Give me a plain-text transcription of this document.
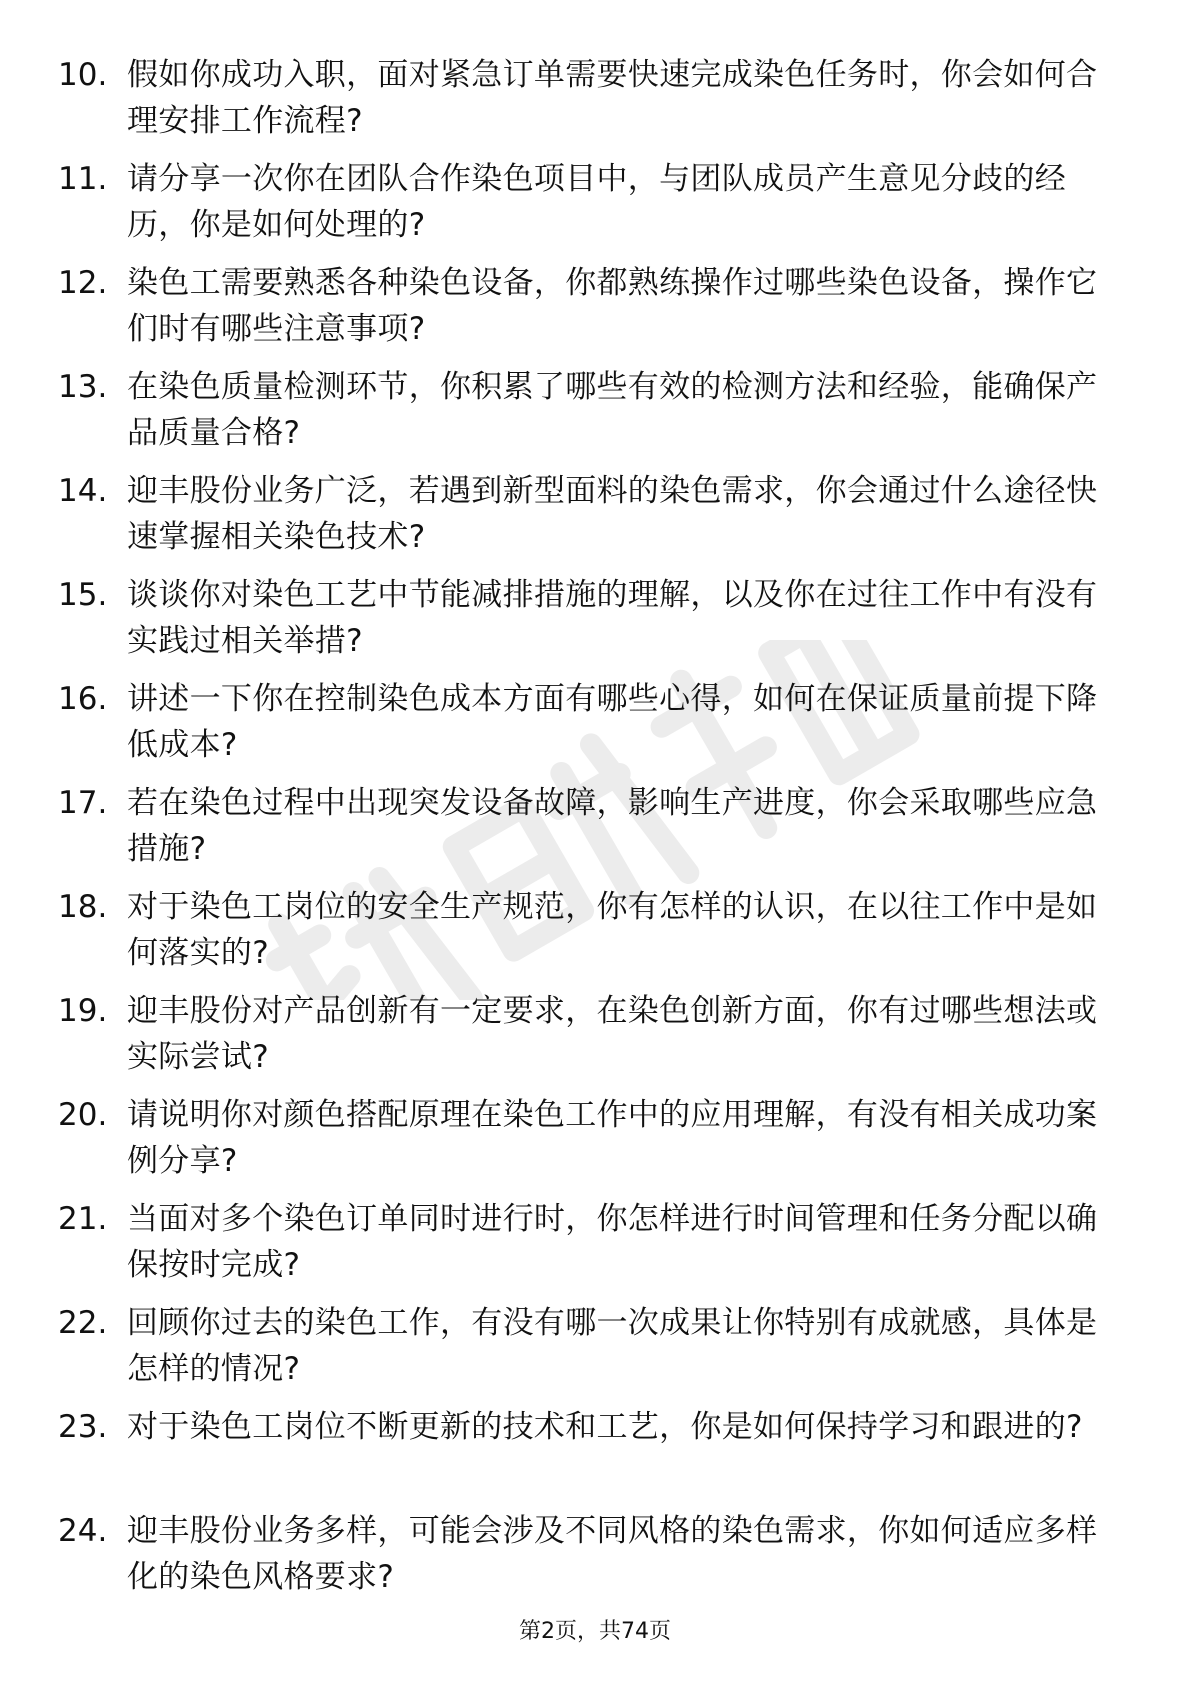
10. 假如你成功入职，面对紧急订单需要快速完成染色任务时，你会如何合理安排工作流程?
11. 请分享一次你在团队合作染色项目中，与团队成员产生意见分歧的经历，你是如何处理的?
12. 染色工需要熟悉各种染色设备，你都熟练操作过哪些染色设备，操作它们时有哪些注意事项?
13. 在染色质量检测环节，你积累了哪些有效的检测方法和经验，能确保产品质量合格?
14. 迎丰股份业务广泛，若遇到新型面料的染色需求，你会通过什么途径快速掌握相关染色技术?
15. 谈谈你对染色工艺中节能减排措施的理解，以及你在过往工作中有没有实践过相关举措?
16. 讲述一下你在控制染色成本方面有哪些心得，如何在保证质量前提下降低成本?
17. 若在染色过程中出现突发设备故障，影响生产进度，你会采取哪些应急措施?
18. 对于染色工岗位的安全生产规范，你有怎样的认识，在以往工作中是如何落实的?
19. 迎丰股份对产品创新有一定要求，在染色创新方面，你有过哪些想法或实际尝试?
20. 请说明你对颜色搭配原理在染色工作中的应用理解，有没有相关成功案例分享?
21. 当面对多个染色订单同时进行时，你怎样进行时间管理和任务分配以确保按时完成?
22. 回顾你过去的染色工作，有没有哪一次成果让你特别有成就感，具体是怎样的情况?
23. 对于染色工岗位不断更新的技术和工艺，你是如何保持学习和跟进的?
24. 迎丰股份业务多样，可能会涉及不同风格的染色需求，你如何适应多样化的染色风格要求?
第2页，共74页
